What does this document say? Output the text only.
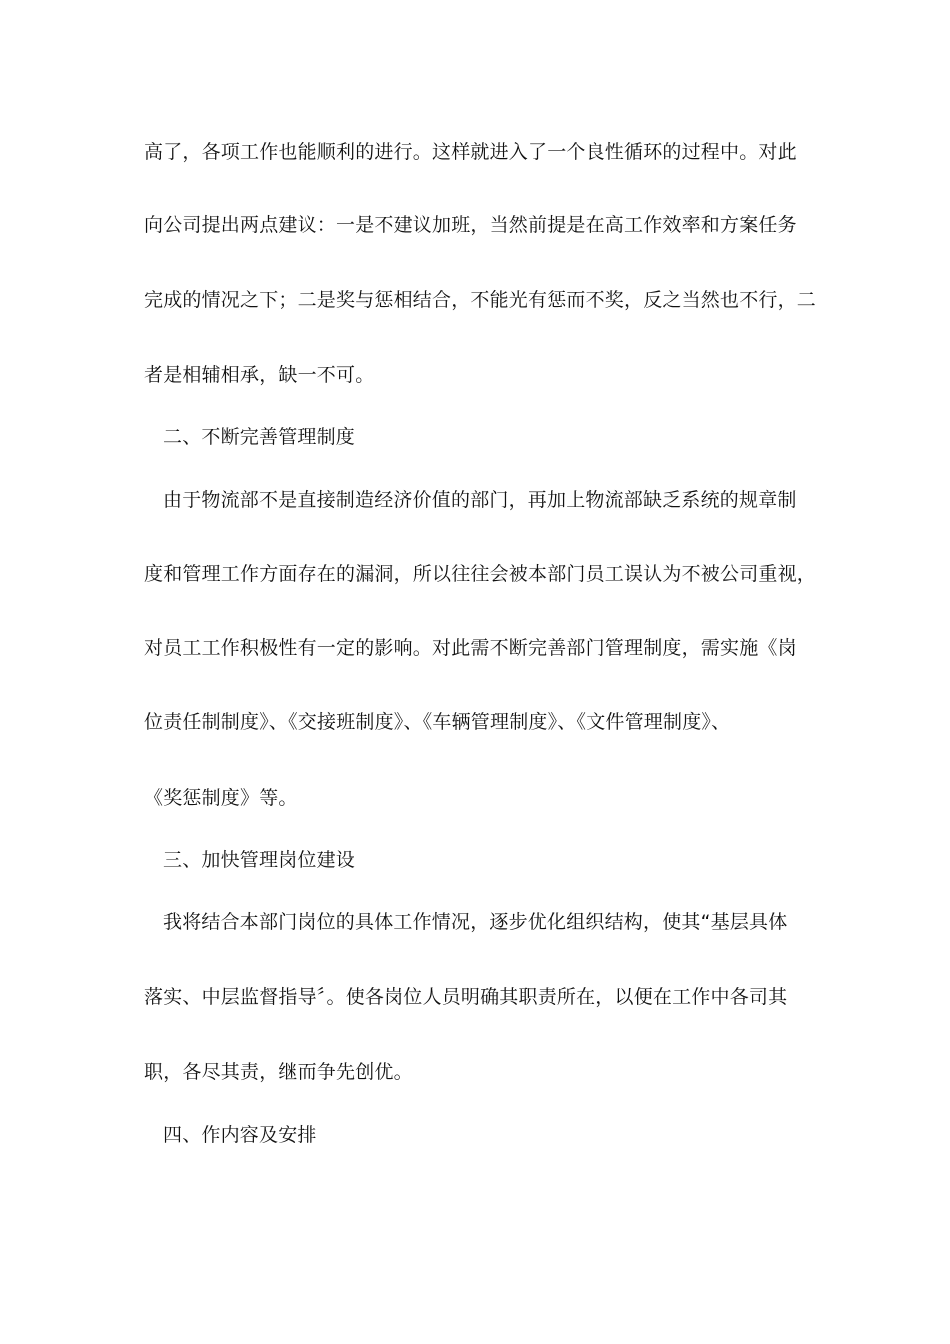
高了，各项工作也能顺利的进行。这样就进入了一个良性循环的过程中。对此
向公司提出两点建议：一是不建议加班，当然前提是在高工作效率和方案任务
完成的情况之下；二是奖与惩相结合，不能光有惩而不奖，反之当然也不行，二
者是相辅相承，缺一不可。
二、不断完善管理制度
由于物流部不是直接制造经济价值的部门，再加上物流部缺乏系统的规章制
度和管理工作方面存在的漏洞，所以往往会被本部门员工误认为不被公司重视，
对员工工作积极性有一定的影响。对此需不断完善部门管理制度，需实施《岗
位责任制制度》、《交接班制度》、《车辆管理制度》、《文件管理制度》、
《奖惩制度》等。
三、加快管理岗位建设
我将结合本部门岗位的具体工作情况，逐步优化组织结构，使其“基层具体
落实、中层监督指导〞。使各岗位人员明确其职责所在，以便在工作中各司其
职，各尽其责，继而争先创优。
四、作内容及安排
